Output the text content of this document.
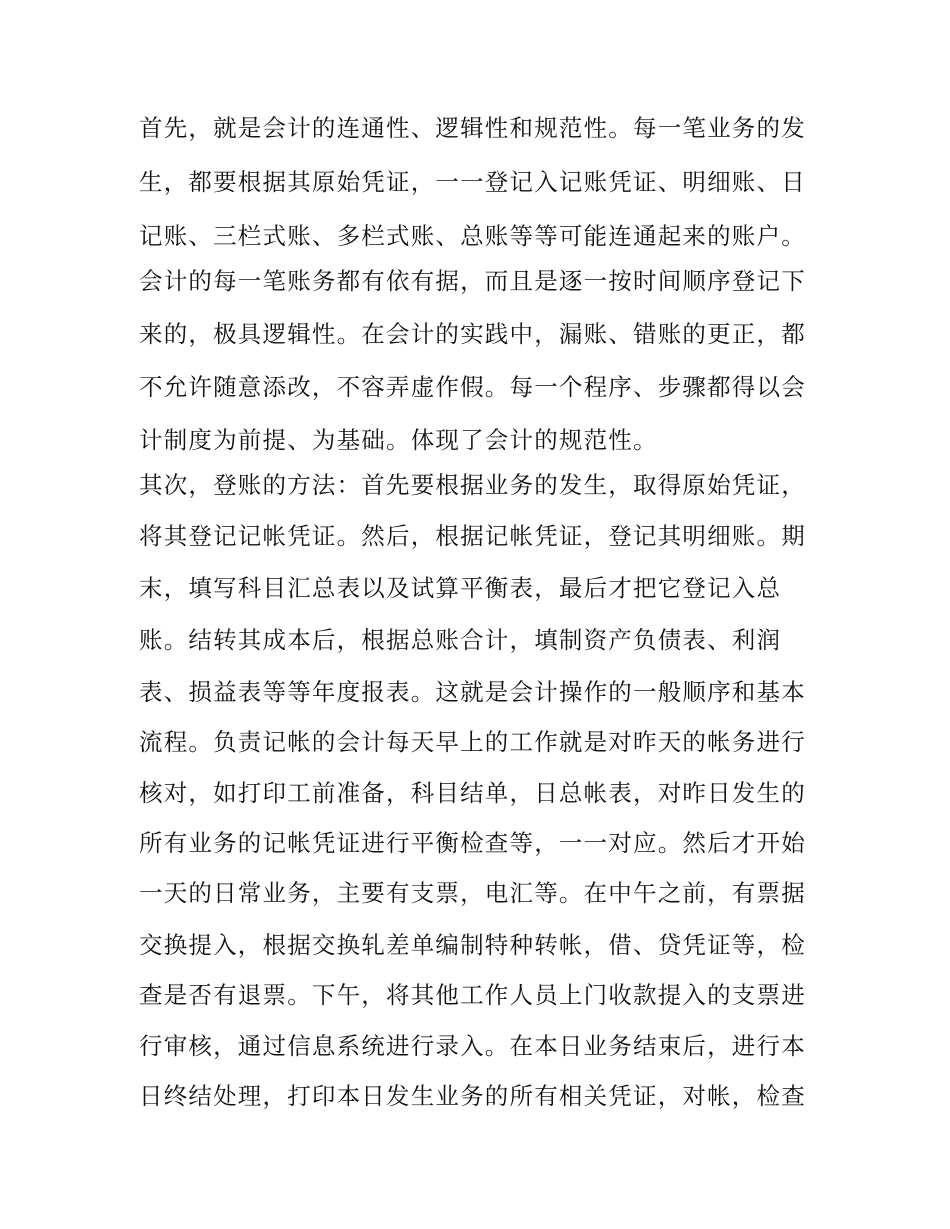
首先，就是会计的连通性、逻辑性和规范性。每一笔业务的发
生，都要根据其原始凭证，一一登记入记账凭证、明细账、日
记账、三栏式账、多栏式账、总账等等可能连通起来的账户。
会计的每一笔账务都有依有据，而且是逐一按时间顺序登记下
来的，极具逻辑性。在会计的实践中，漏账、错账的更正，都
不允许随意添改，不容弄虚作假。每一个程序、步骤都得以会
计制度为前提、为基础。体现了会计的规范性。
其次，登账的方法：首先要根据业务的发生，取得原始凭证，
将其登记记帐凭证。然后，根据记帐凭证，登记其明细账。期
末，填写科目汇总表以及试算平衡表，最后才把它登记入总
账。结转其成本后，根据总账合计，填制资产负债表、利润
表、损益表等等年度报表。这就是会计操作的一般顺序和基本
流程。负责记帐的会计每天早上的工作就是对昨天的帐务进行
核对，如打印工前准备，科目结单，日总帐表，对昨日发生的
所有业务的记帐凭证进行平衡检查等，一一对应。然后才开始
一天的日常业务，主要有支票，电汇等。在中午之前，有票据
交换提入，根据交换轧差单编制特种转帐，借、贷凭证等，检
查是否有退票。下午，将其他工作人员上门收款提入的支票进
行审核，通过信息系统进行录入。在本日业务结束后，进行本
日终结处理，打印本日发生业务的所有相关凭证，对帐，检查
